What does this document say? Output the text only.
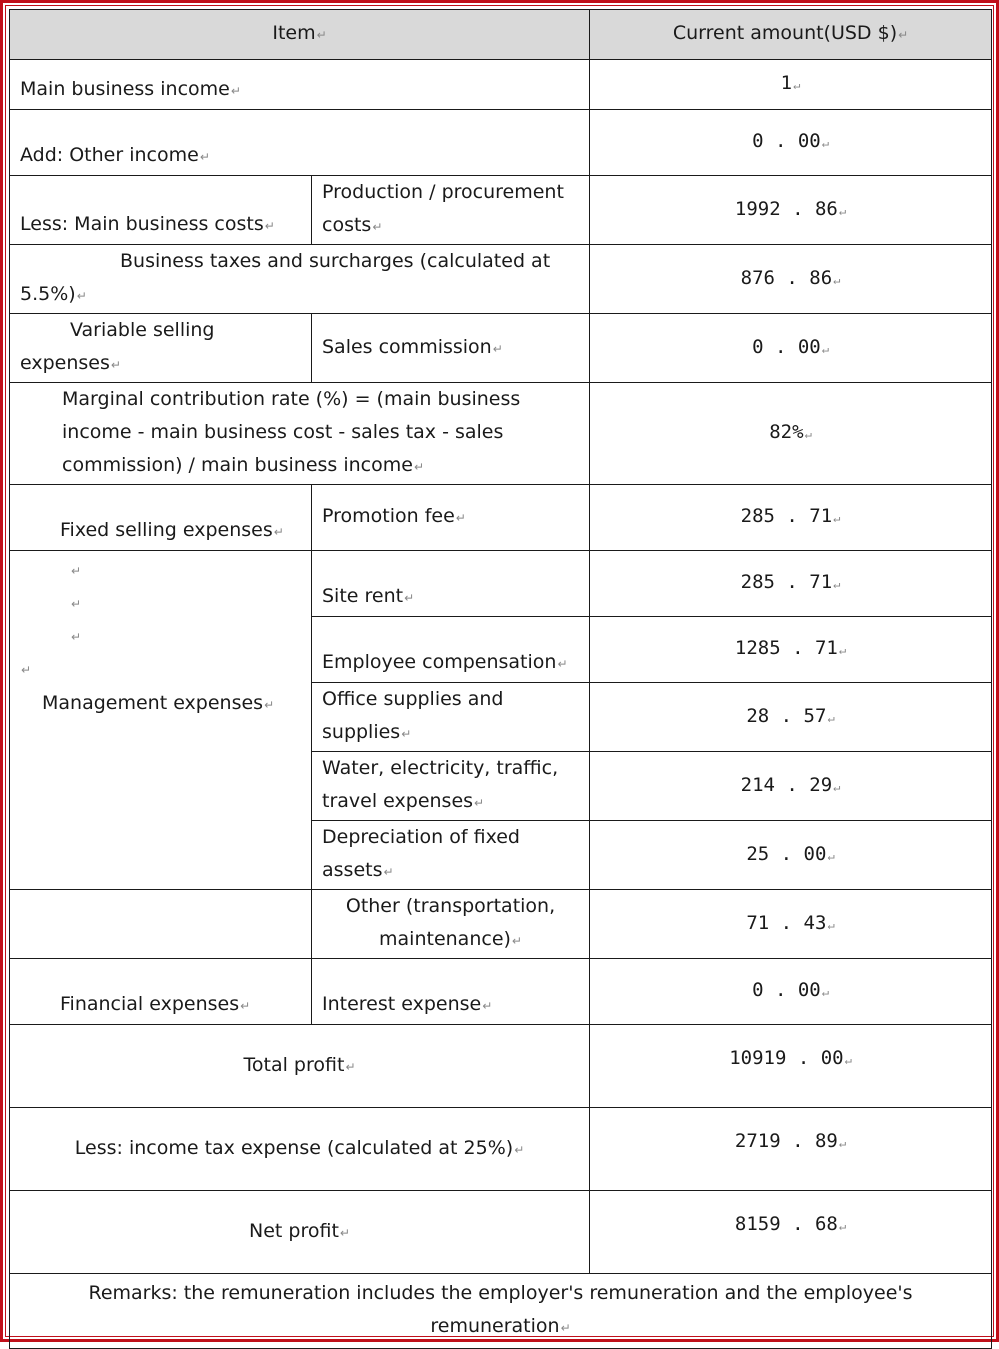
Item↵		Current amount(USD $)↵
Main business income↵		1↵
Add: Other income↵		0 . 00↵
Less: Main business costs↵	Production / procurement costs↵	1992 . 86↵
Business taxes and surcharges (calculated at 5.5%)↵		876 . 86↵
Variable selling expenses↵	Sales commission↵	0 . 00↵
Marginal contribution rate (%) = (main business income - main business cost - sales tax - sales commission) / main business income↵		82%↵
Fixed selling expenses↵	Promotion fee↵	285 . 71↵

↵
↵
↵
↵
Management expenses↵	Site rent↵	285 . 71↵
	Employee compensation↵	1285 . 71↵
	Office supplies and supplies↵	28 . 57↵
	Water, electricity, traffic, travel expenses↵	214 . 29↵
	Depreciation of fixed assets↵	25 . 00↵
	Other (transportation, maintenance)↵	71 . 43↵
Financial expenses↵	Interest expense↵	0 . 00↵
Total profit↵		10919 . 00↵
Less: income tax expense (calculated at 25%)↵		2719 . 89↵
Net profit↵		8159 . 68↵
Remarks: the remuneration includes the employer's remuneration and the employee's remuneration↵		
